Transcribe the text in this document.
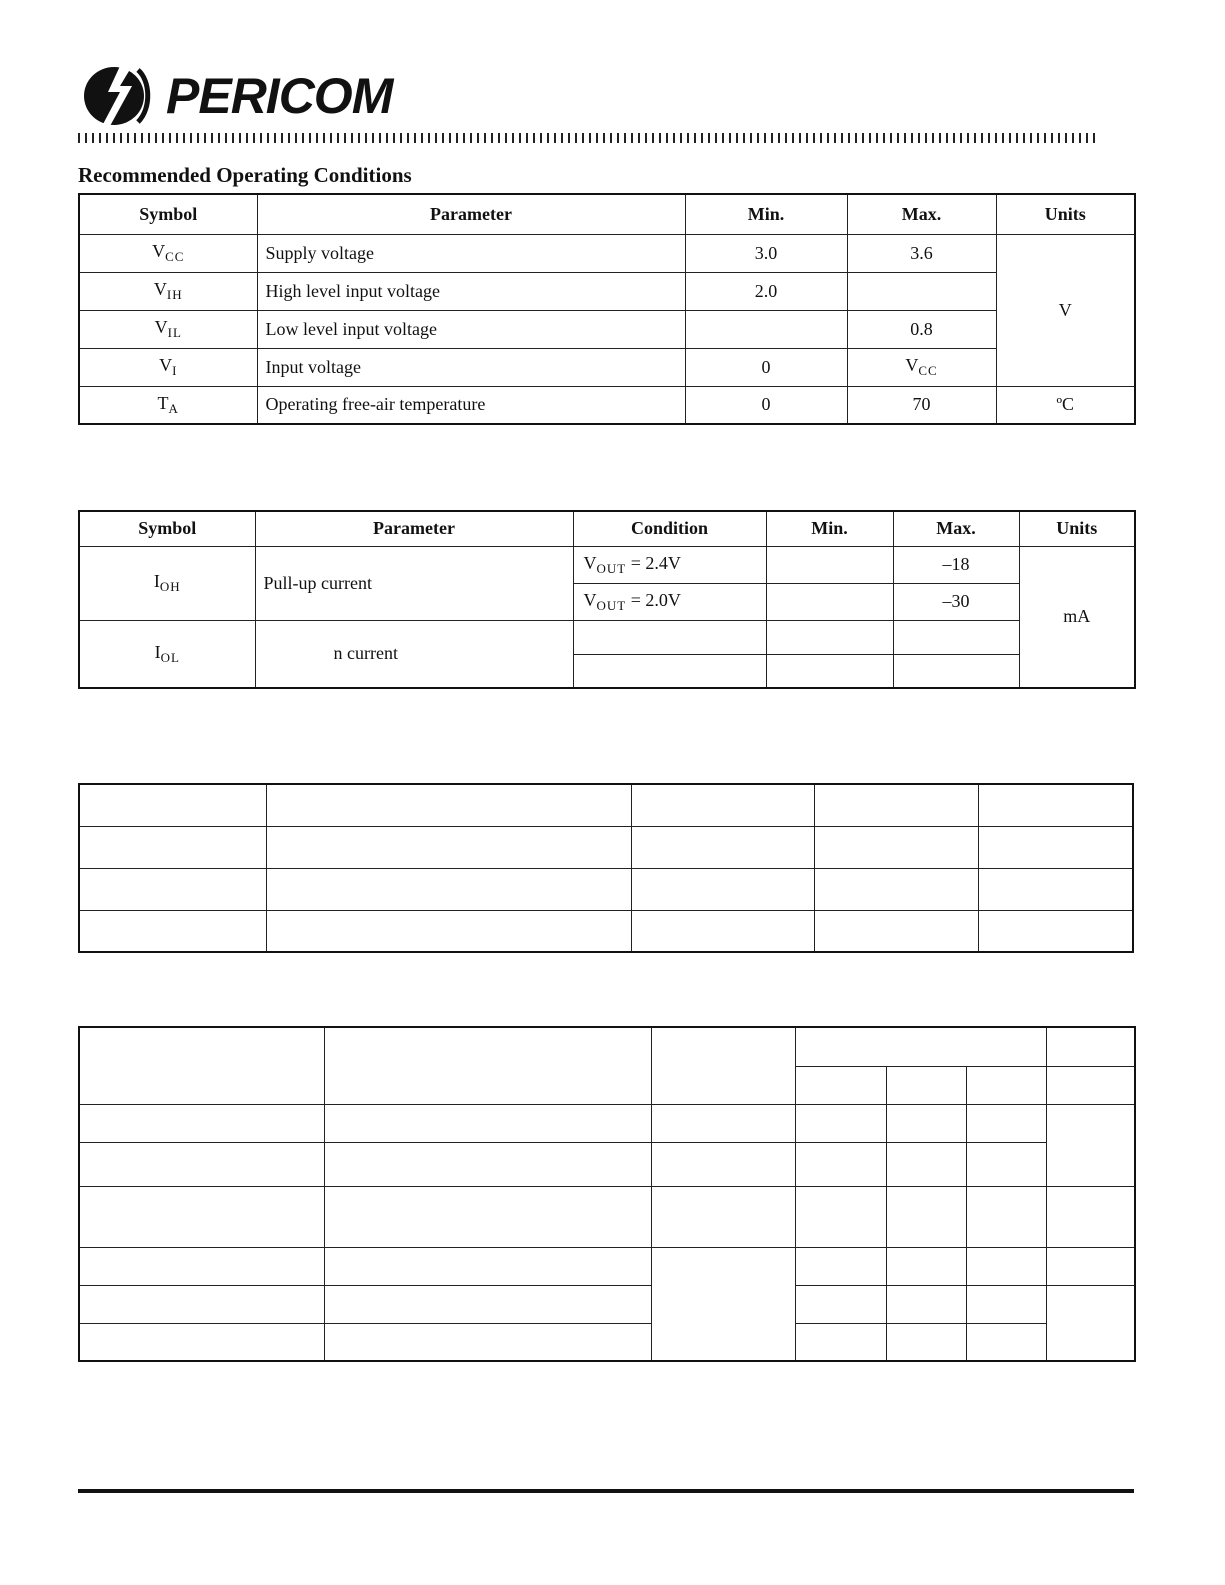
PERICOM
Recommended Operating Conditions
Symbol	Parameter	Min.	Max.	Units
$V_{CC}$	Supply voltage	3.0	3.6	V
$V_{IH}$	High level input voltage	2.0		
$V_{IL}$	Low level input voltage		0.8	
$V_I$	Input voltage	0	$V_{CC}$
$T_A$	Operating free-air temperature	0	70	ºC
Symbol	Parameter	Condition	Min.	Max.	Units
$I_{OH}$	Pull-up current	$V_{OUT} = 2.4V$		–18	mA
		$V_{OUT} = 2.0V$		–30	
$I_{OL}$	n current				
